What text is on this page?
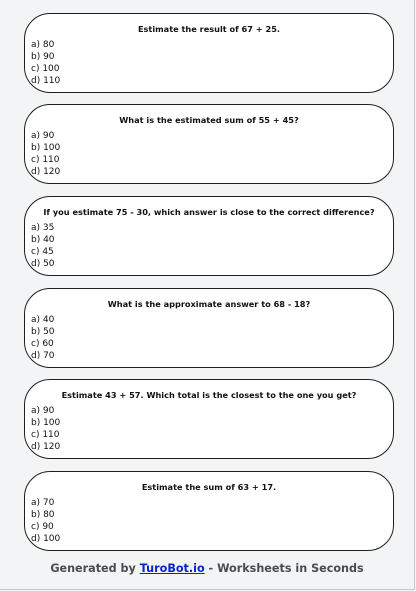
Estimate the result of 67 + 25.
a) 80
b) 90
c) 100
d) 110
What is the estimated sum of 55 + 45?
a) 90
b) 100
c) 110
d) 120
If you estimate 75 - 30, which answer is close to the correct difference?
a) 35
b) 40
c) 45
d) 50
What is the approximate answer to 68 - 18?
a) 40
b) 50
c) 60
d) 70
Estimate 43 + 57. Which total is the closest to the one you get?
a) 90
b) 100
c) 110
d) 120
Estimate the sum of 63 + 17.
a) 70
b) 80
c) 90
d) 100
Generated by TuroBot.io - Worksheets in Seconds
